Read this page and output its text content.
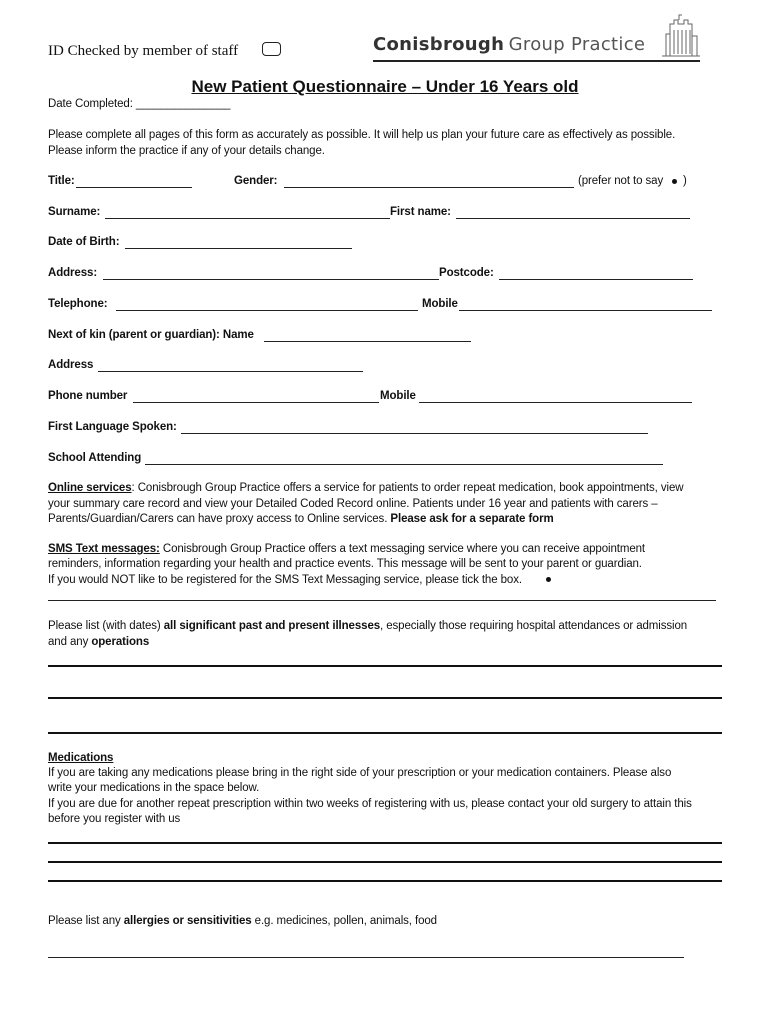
ID Checked by member of staff	Conisbrough Group Practice
New Patient Questionnaire – Under 16 Years old
Date Completed: _______________
Please complete all pages of this form as accurately as possible. It will help us plan your future care as effectively as possible.
Please inform the practice if any of your details change.
Title:	Gender:	(prefer not to say )
Surname:	First name:
Date of Birth:
Address:	Postcode:
Telephone:	Mobile
Next of kin (parent or guardian): Name
Address
Phone number	Mobile
First Language Spoken:
School Attending
Online services: Conisbrough Group Practice offers a service for patients to order repeat medication, book appointments, view
your summary care record and view your Detailed Coded Record online. Patients under 16 year and patients with carers –
Parents/Guardian/Carers can have proxy access to Online services. Please ask for a separate form
SMS Text messages: Conisbrough Group Practice offers a text messaging service where you can receive appointment
reminders, information regarding your health and practice events. This message will be sent to your parent or guardian.
If you would NOT like to be registered for the SMS Text Messaging service, please tick the box.
Please list (with dates) all significant past and present illnesses, especially those requiring hospital attendances or admission
and any operations
Medications
If you are taking any medications please bring in the right side of your prescription or your medication containers. Please also
write your medications in the space below.
If you are due for another repeat prescription within two weeks of registering with us, please contact your old surgery to attain this
before you register with us
Please list any allergies or sensitivities e.g. medicines, pollen, animals, food
